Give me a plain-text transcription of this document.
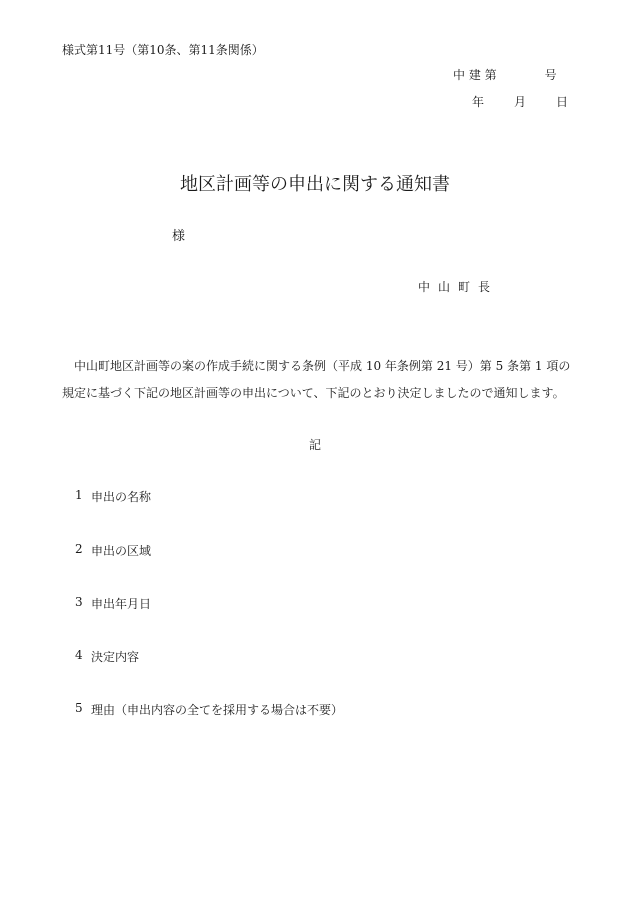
様式第11号（第10条、第11条関係）
中 建 第	号
年	月	日
地区計画等の申出に関する通知書
様
中山町長
中山町地区計画等の案の作成手続に関する条例（平成 10 年条例第 21 号）第 5 条第 1 項の規定に基づく下記の地区計画等の申出について、下記のとおり決定しましたので通知します。
記
1 申出の名称
2 申出の区域
3 申出年月日
4 決定内容
5 理由（申出内容の全てを採用する場合は不要）
